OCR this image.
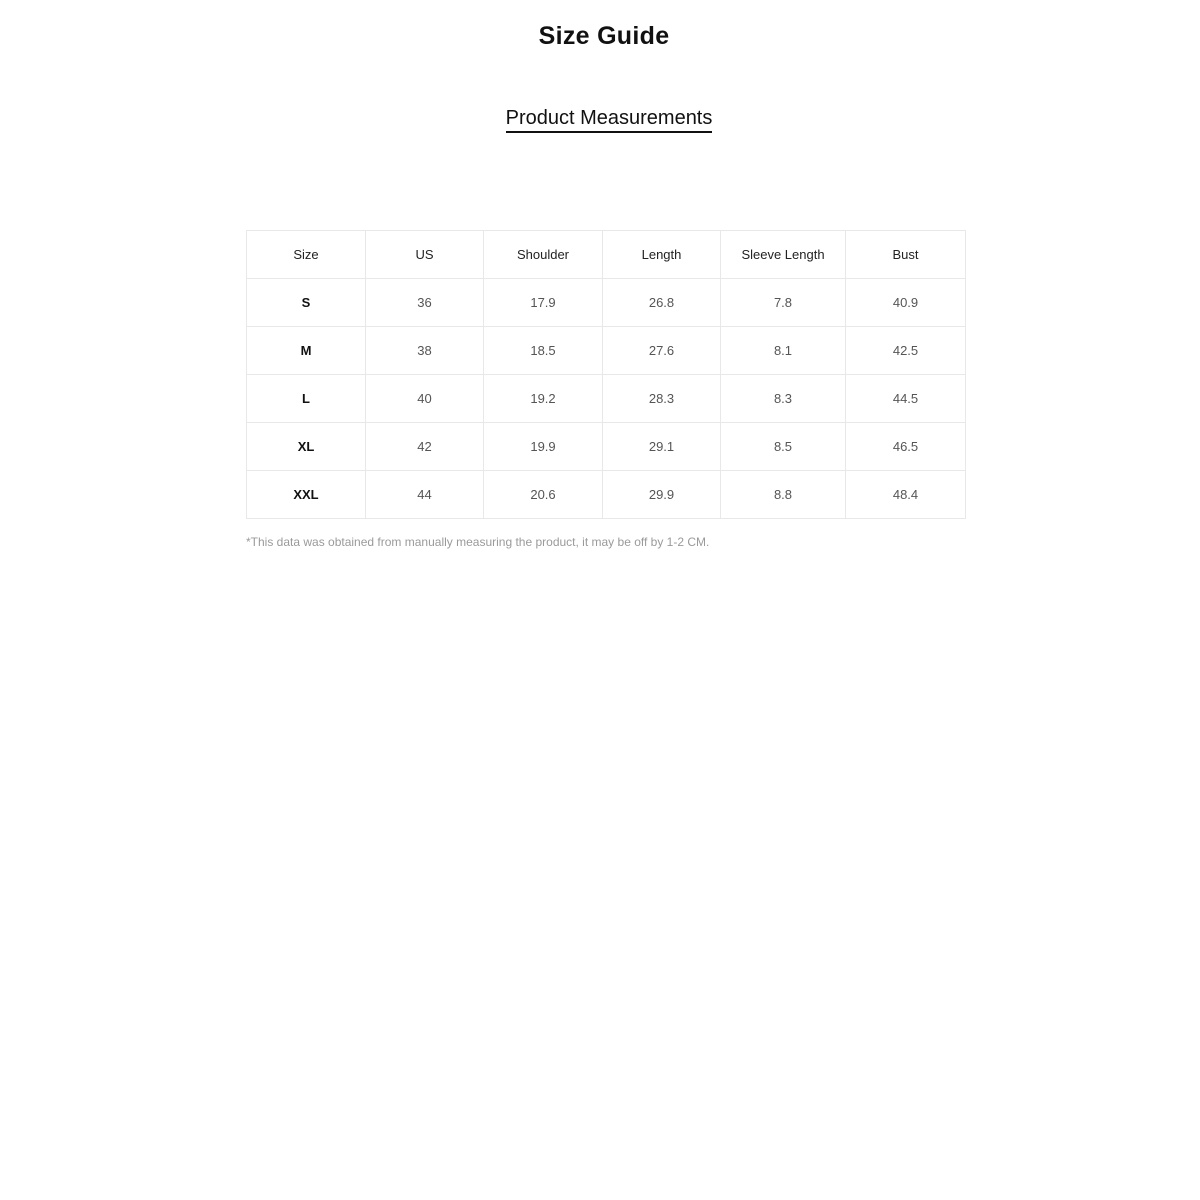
Size Guide
Product Measurements
Size	US	Shoulder	Length	Sleeve Length	Bust
S	36	17.9	26.8	7.8	40.9
M	38	18.5	27.6	8.1	42.5
L	40	19.2	28.3	8.3	44.5
XL	42	19.9	29.1	8.5	46.5
XXL	44	20.6	29.9	8.8	48.4

*This data was obtained from manually measuring the product, it may be off by 1-2 CM.
